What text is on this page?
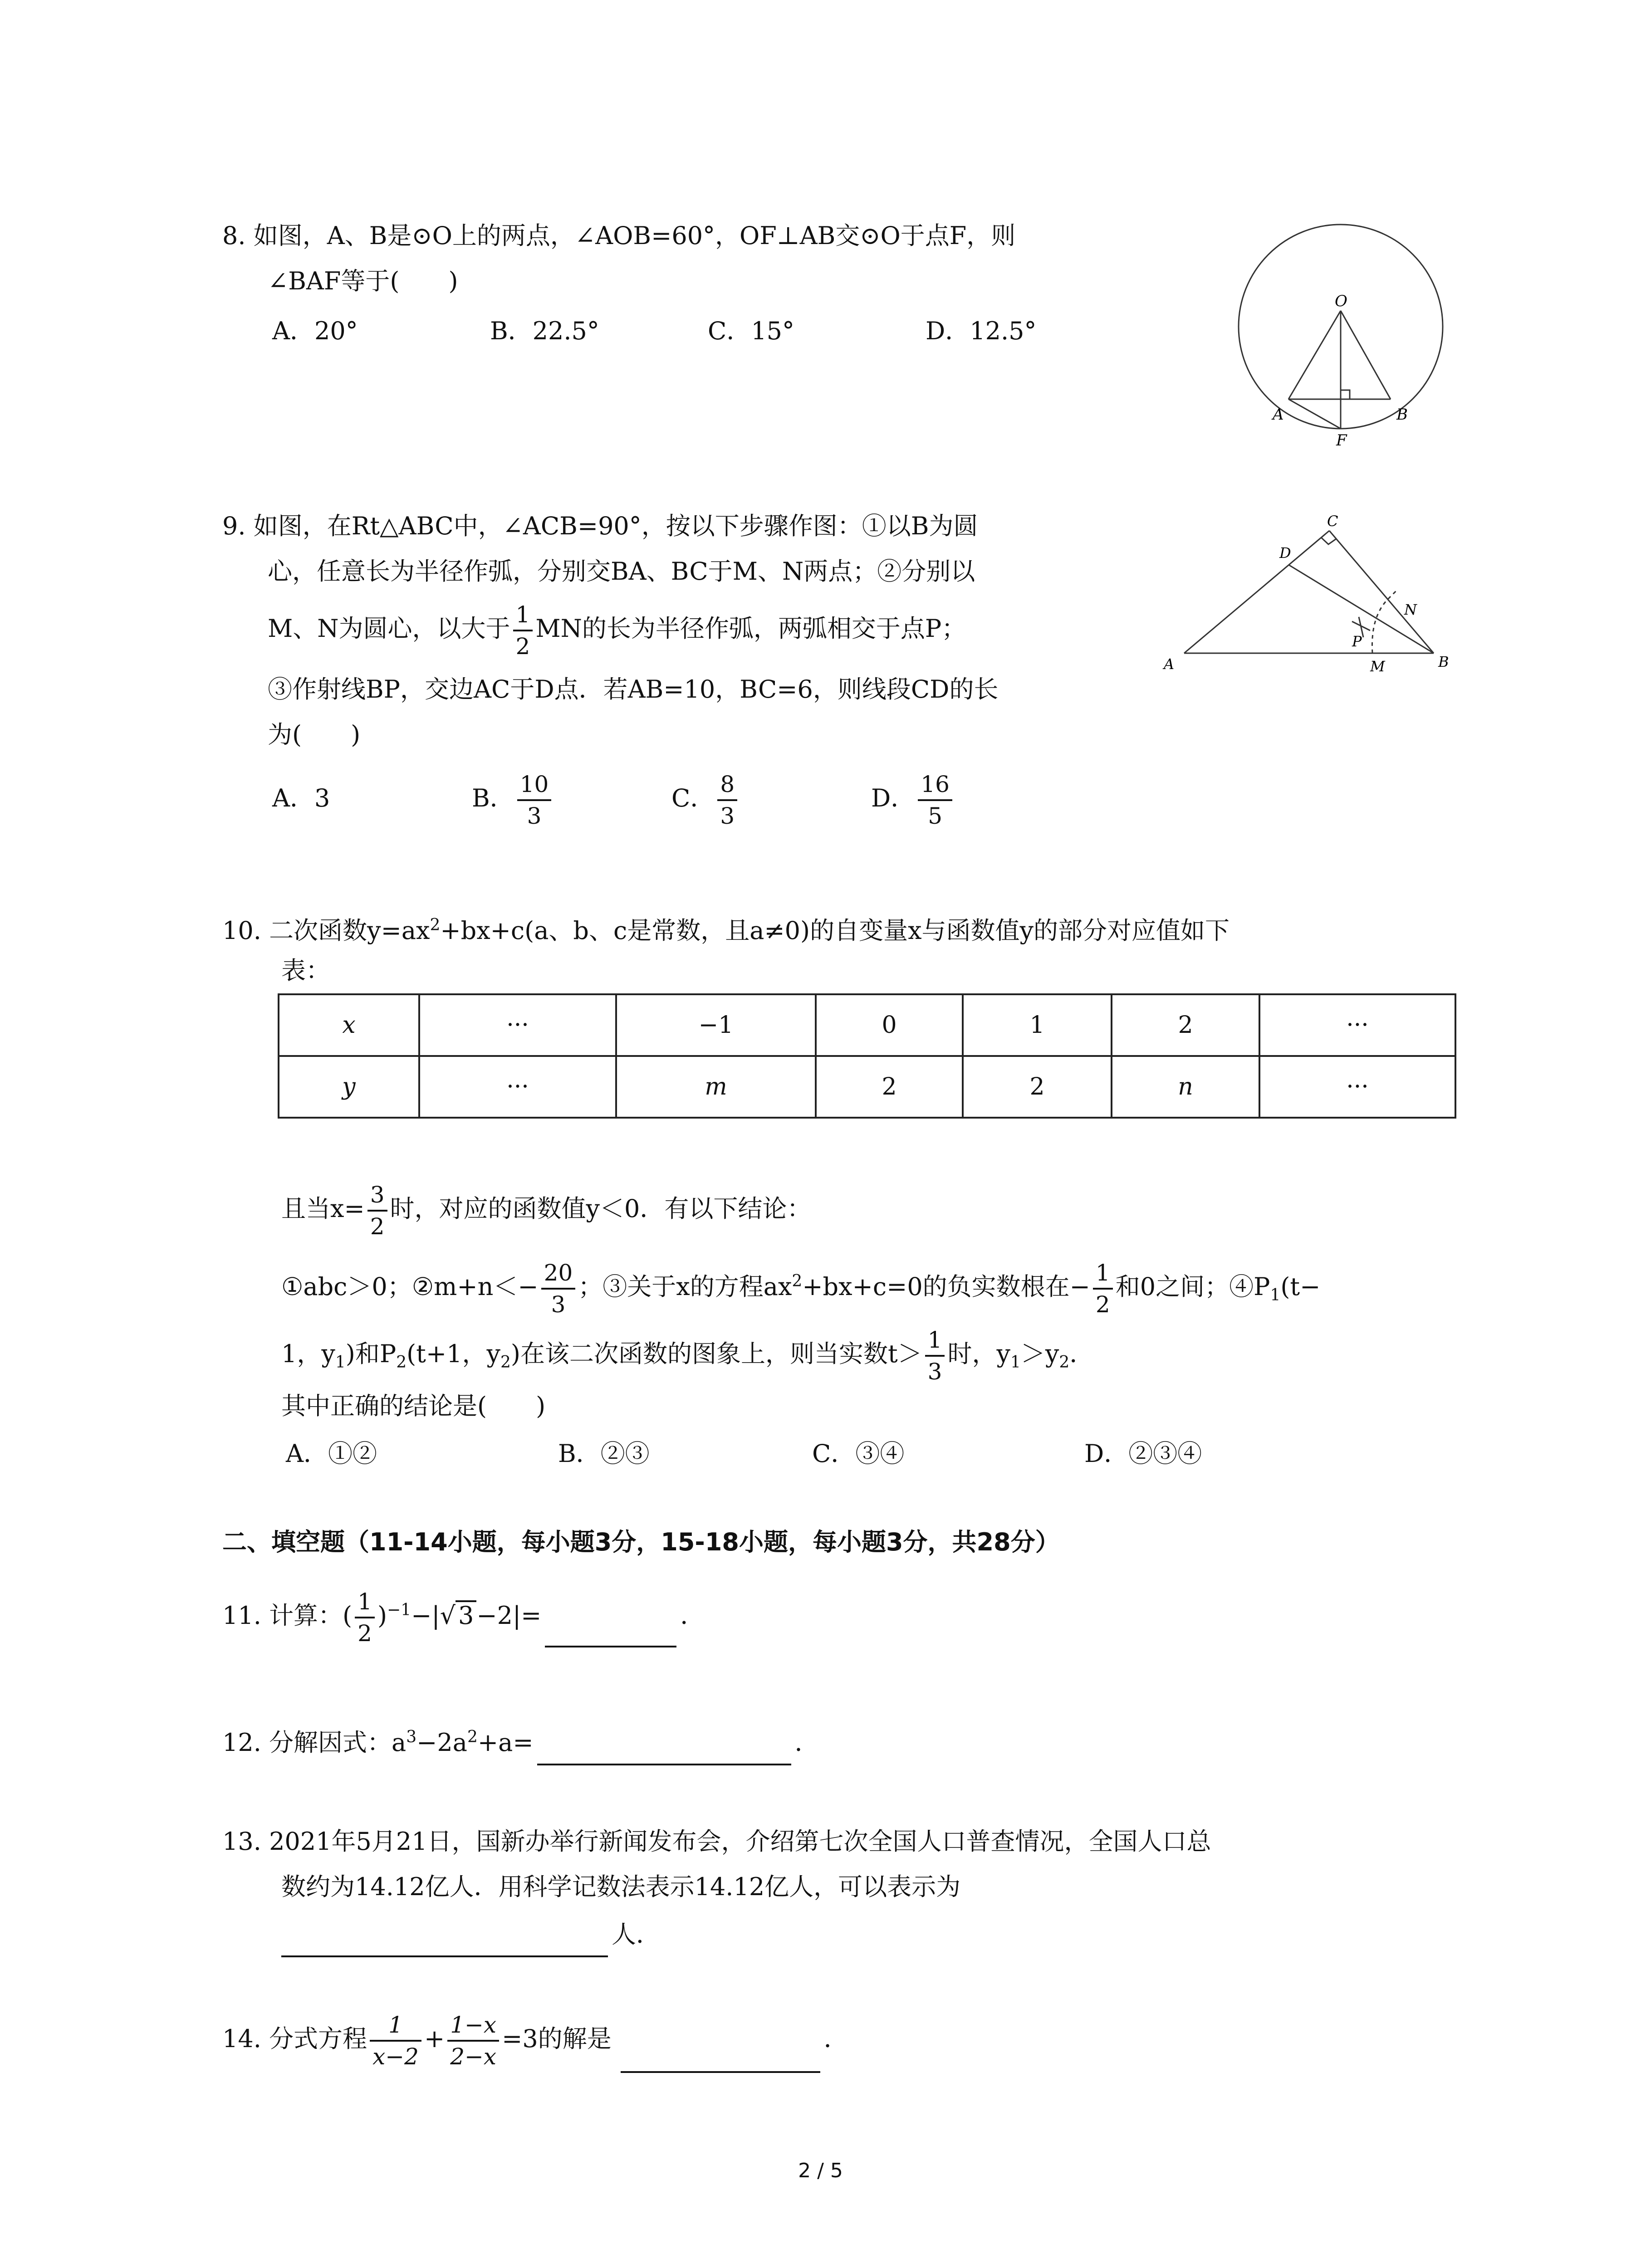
8. 如图，A、B是⊙O上的两点，∠AOB=60°，OF⊥AB交⊙O于点F，则
∠BAF等于(　　)
A．20°	B．22.5°	C．15°	D．12.5°
O
A	B
F
9. 如图，在Rt△ABC中，∠ACB=90°，按以下步骤作图：①以B为圆
心，任意长为半径作弧，分别交BA、BC于M、N两点；②分别以
M、N为圆心，以大于 $\frac{1}{2}$ MN的长为半径作弧，两弧相交于点P；
③作射线BP，交边AC于D点．若AB=10，BC=6，则线段CD的长
为(　　)
A．3	B． $\frac{10}{3}$	C． $\frac{8}{3}$	D． $\frac{16}{5}$
C
D
A	B
M
N
P
10. 二次函数$y=ax^2+bx+c(a$、b、c是常数，且a≠0)的自变量x与函数值y的部分对应值如下
表：
x	···	−1	0	1	2	···
y	···	m	2	2	n	···
且当$x= \frac{3}{2}$ 时，对应的函数值y＜0．有以下结论：
①abc＞0；②m+n＜− $\frac{20}{3}$ ；③关于x的方程$ax^2+bx+c=0$的负实数根在− $\frac{1}{2}$ 和0之间；$④P_1(t-$
1，$y_1$)和$P_2(t+1$，$y_2$)在该二次函数的图象上，则当实数$t> \frac{1}{3}$ 时，$y_1>y_2$．
其中正确的结论是(　　)
A．①②	B．②③	C．③④	D．②③④
二、填空题（11-14小题，每小题3分，15-18小题，每小题3分，共28分）
11. 计算：( $\frac{1}{2} )^{-1}-|√$ 3 −2|=	．
12. 分解因式：$a^3-2a^2+a=$	．
13. 2021年5月21日，国新办举行新闻发布会，介绍第七次全国人口普查情况，全国人口总
数约为14.12亿人．用科学记数法表示14.12亿人，可以表示为
人．
14. 分式方程 $\frac{1}{x-2} + \frac{1-x}{2-x} =3$的解是	．
2 / 5
